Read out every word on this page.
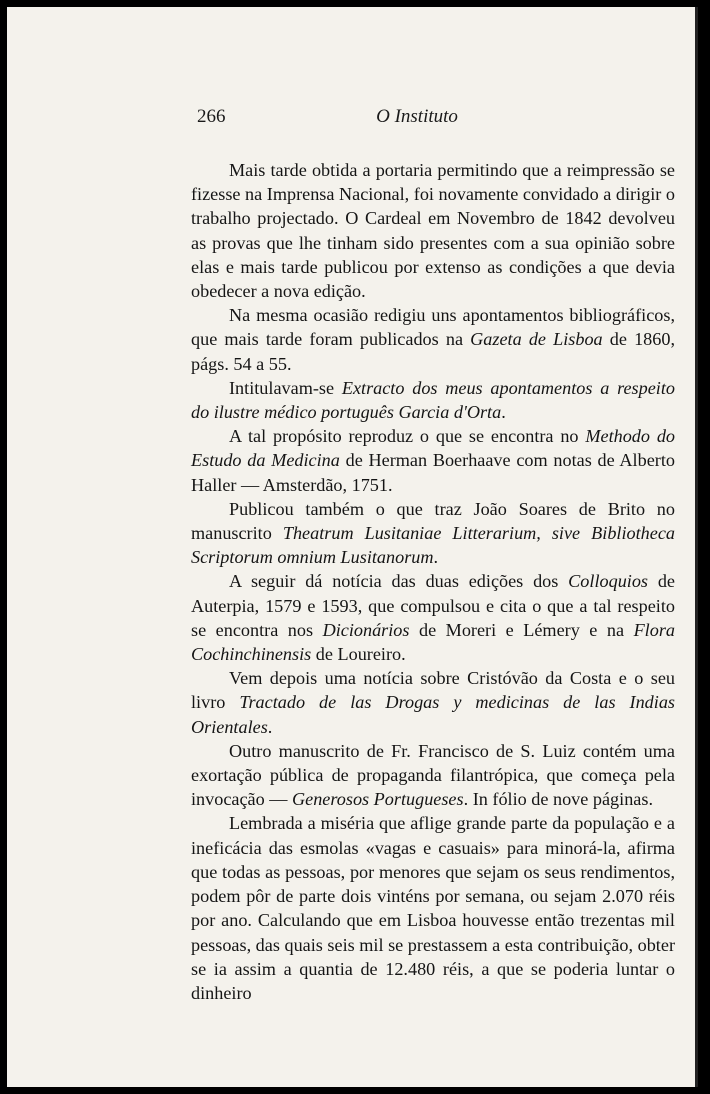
266	O Instituto

Mais tarde obtida a portaria permitindo que a reimpressão se fizesse na Imprensa Nacional, foi novamente convidado a dirigir o trabalho projectado. O Cardeal em Novembro de 1842 devolveu as provas que lhe tinham sido presentes com a sua opinião sobre elas e mais tarde publicou por extenso as condições a que devia obedecer a nova edição.

Na mesma ocasião redigiu uns apontamentos bibliográficos, que mais tarde foram publicados na Gazeta de Lisboa de 1860, págs. 54 a 55.

Intitulavam-se Extracto dos meus apontamentos a respeito do ilustre médico português Garcia d'Orta.

A tal propósito reproduz o que se encontra no Methodo do Estudo da Medicina de Herman Boerhaave com notas de Alberto Haller — Amsterdão, 1751.

Publicou também o que traz João Soares de Brito no manuscrito Theatrum Lusitaniae Litterarium, sive Bibliotheca Scriptorum omnium Lusitanorum.

A seguir dá notícia das duas edições dos Colloquios de Auterpia, 1579 e 1593, que compulsou e cita o que a tal respeito se encontra nos Dicionários de Moreri e Lémery e na Flora Cochinchinensis de Loureiro.

Vem depois uma notícia sobre Cristóvão da Costa e o seu livro Tractado de las Drogas y medicinas de las Indias Orientales.

Outro manuscrito de Fr. Francisco de S. Luiz contém uma exortação pública de propaganda filantrópica, que começa pela invocação — Generosos Portugueses. In fólio de nove páginas.

Lembrada a miséria que aflige grande parte da população e a ineficácia das esmolas «vagas e casuais» para minorá-la, afirma que todas as pessoas, por menores que sejam os seus rendimentos, podem pôr de parte dois vinténs por semana, ou sejam 2.070 réis por ano. Calculando que em Lisboa houvesse então trezentas mil pessoas, das quais seis mil se prestassem a esta contribuição, obter se ia assim a quantia de 12.480 réis, a que se poderia luntar o dinheiro
